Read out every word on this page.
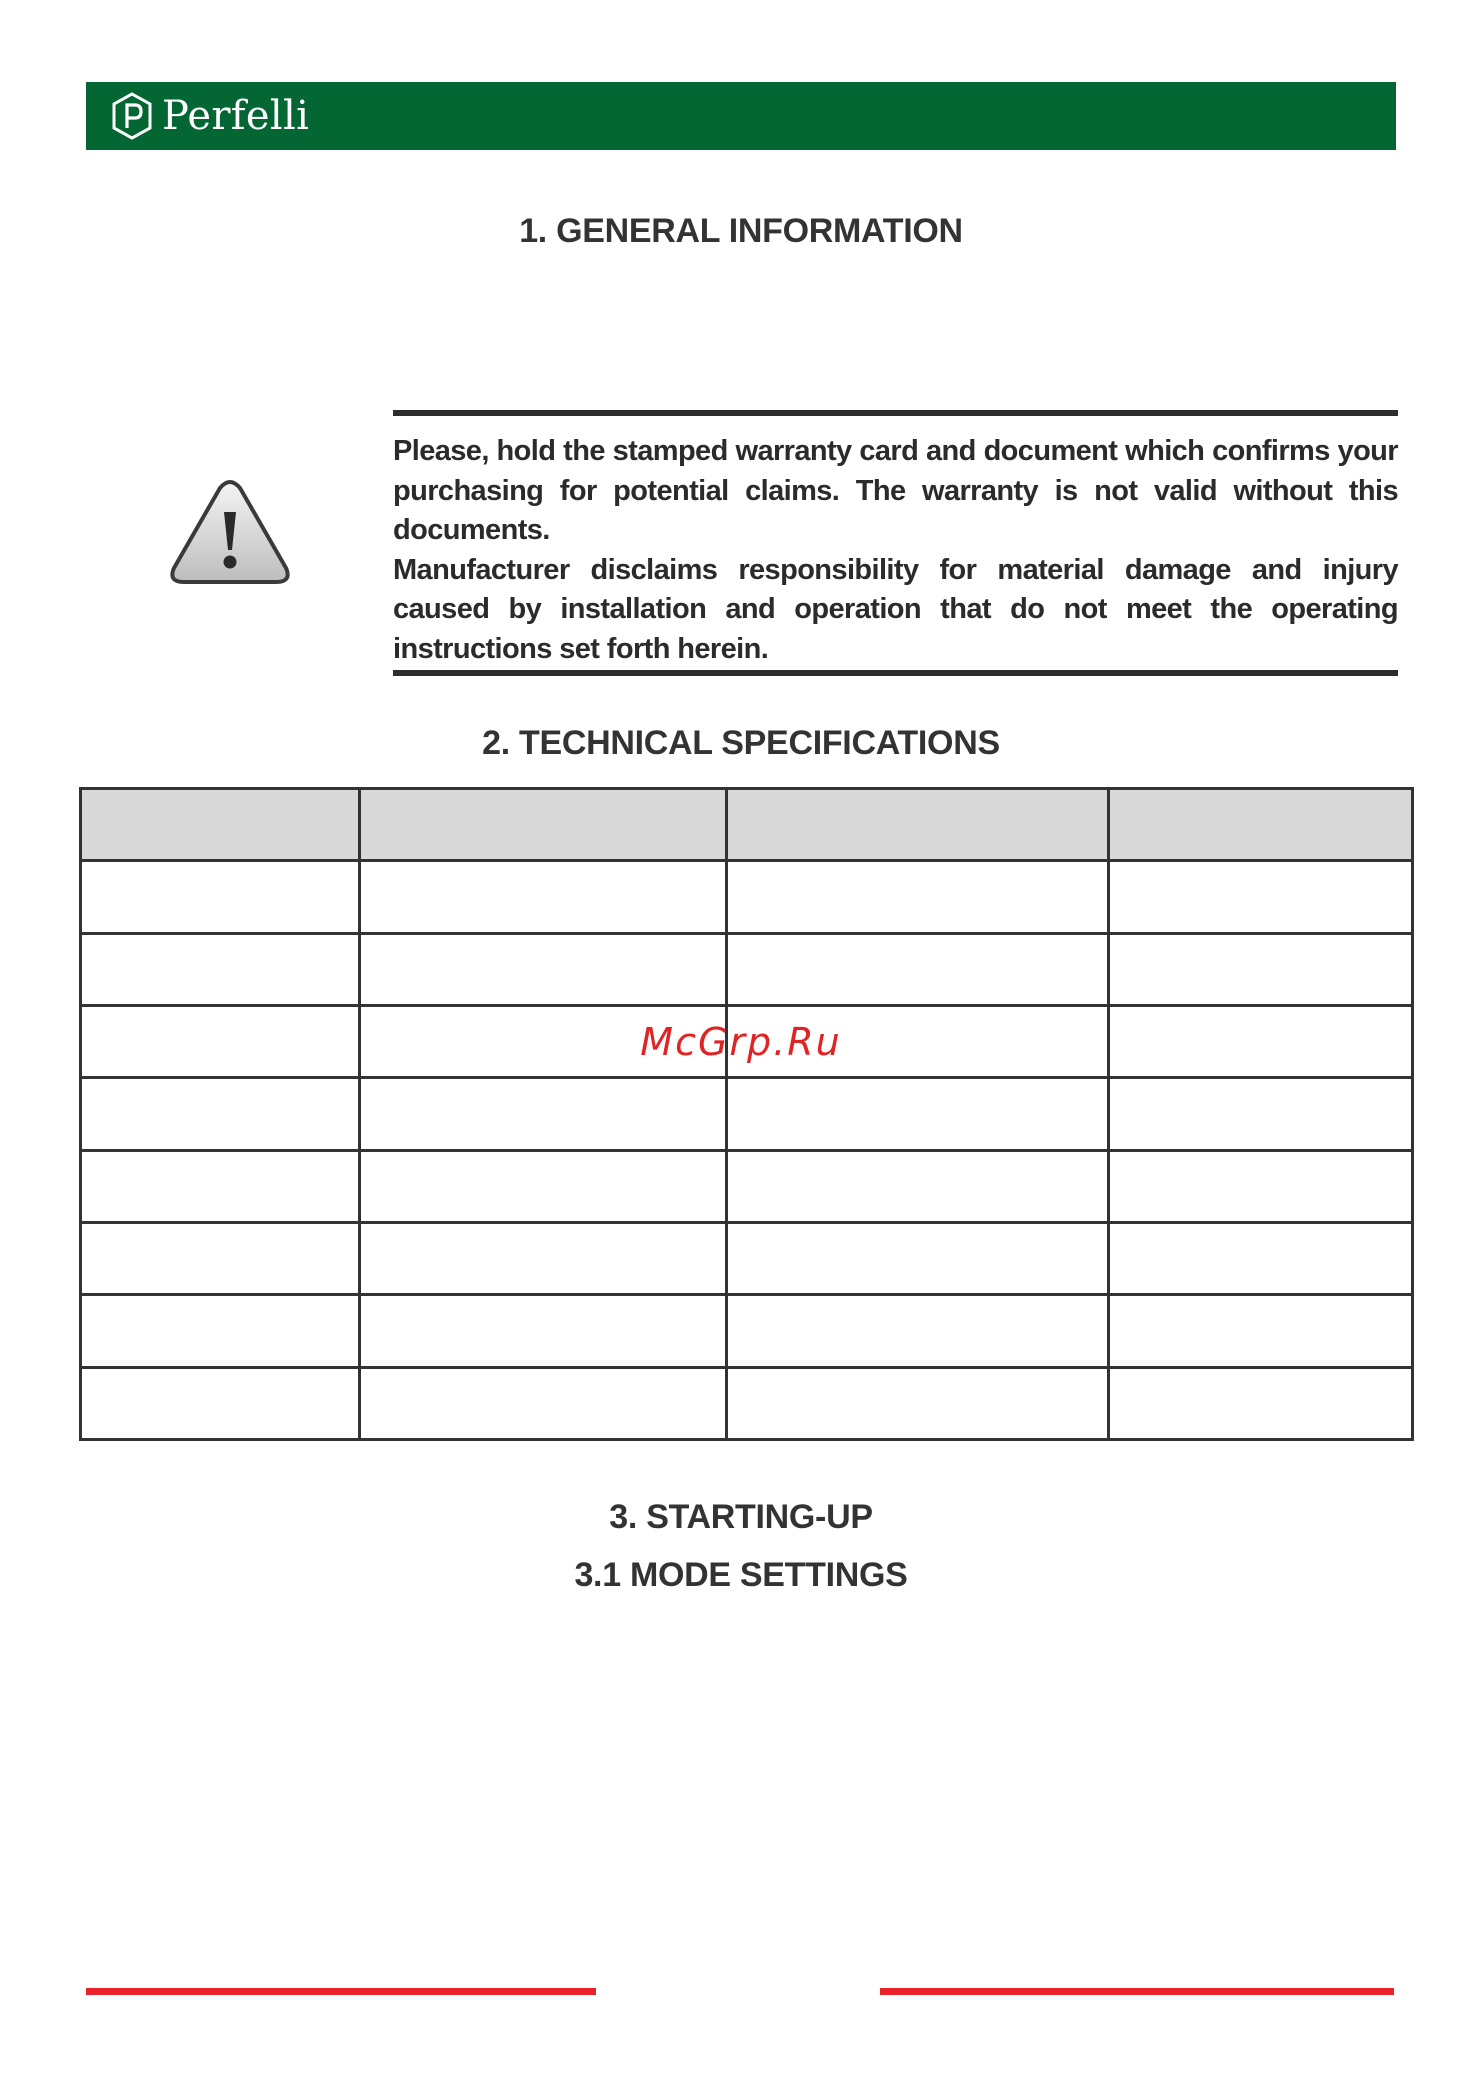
Perfelli
1. GENERAL INFORMATION

Please, hold the stamped warranty card and document which confirms your purchasing for potential claims. The warranty is not valid without this documents.

Manufacturer disclaims responsibility for material damage and injury caused by installation and operation that do not meet the operating instructions set forth herein.

2. TECHNICAL SPECIFICATIONS

McGrp.Ru
3. STARTING-UP
3.1 MODE SETTINGS
